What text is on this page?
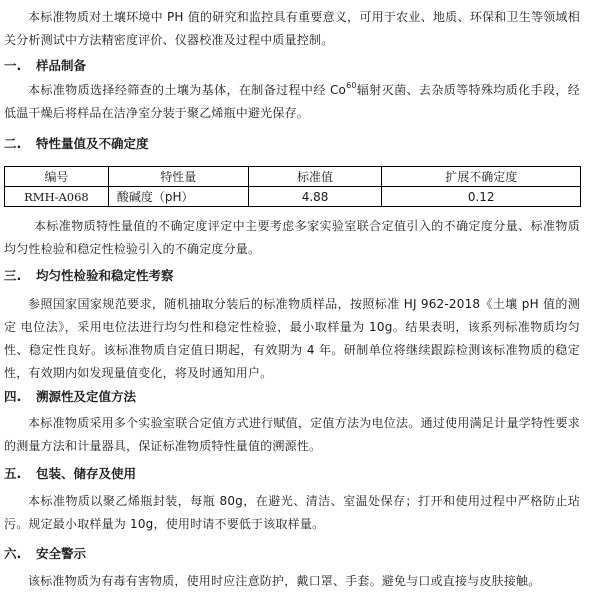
本标准物质对土壤环境中 PH 值的研究和监控具有重要意义，可用于农业、地质、环保和卫生等领域相关分析测试中方法精密度评价、仪器校准及过程中质量控制。

一. 样品制备

本标准物质选择经筛查的土壤为基体，在制备过程中经 Co$^{60}$辐射灭菌、去杂质等特殊均质化手段，经低温干燥后将样品在洁净室分装于聚乙烯瓶中避光保存。

二. 特性量值及不确定度
编号	特性量	标准值	扩展不确定度
RMH-A068	酸碱度（pH）	4.88	0.12

本标准物质特性量值的不确定度评定中主要考虑多家实验室联合定值引入的不确定度分量、标准物质均匀性检验和稳定性检验引入的不确定度分量。

三. 均匀性检验和稳定性考察

参照国家国家规范要求，随机抽取分装后的标准物质样品，按照标准 HJ 962-2018《土壤 pH 值的测定 电位法》，采用电位法进行均匀性和稳定性检验，最小取样量为 10g。结果表明，该系列标准物质均匀性、稳定性良好。该标准物质自定值日期起，有效期为 4 年。研制单位将继续跟踪检测该标准物质的稳定性，有效期内如发现量值变化，将及时通知用户。

四. 溯源性及定值方法

本标准物质采用多个实验室联合定值方式进行赋值，定值方法为电位法。通过使用满足计量学特性要求的测量方法和计量器具，保证标准物质特性量值的溯源性。

五. 包装、储存及使用

本标准物质以聚乙烯瓶封装，每瓶 80g，在避光、清洁、室温处保存；打开和使用过程中严格防止玷污。规定最小取样量为 10g，使用时请不要低于该取样量。

六. 安全警示

该标准物质为有毒有害物质，使用时应注意防护，戴口罩、手套。避免与口或直接与皮肤接触。
